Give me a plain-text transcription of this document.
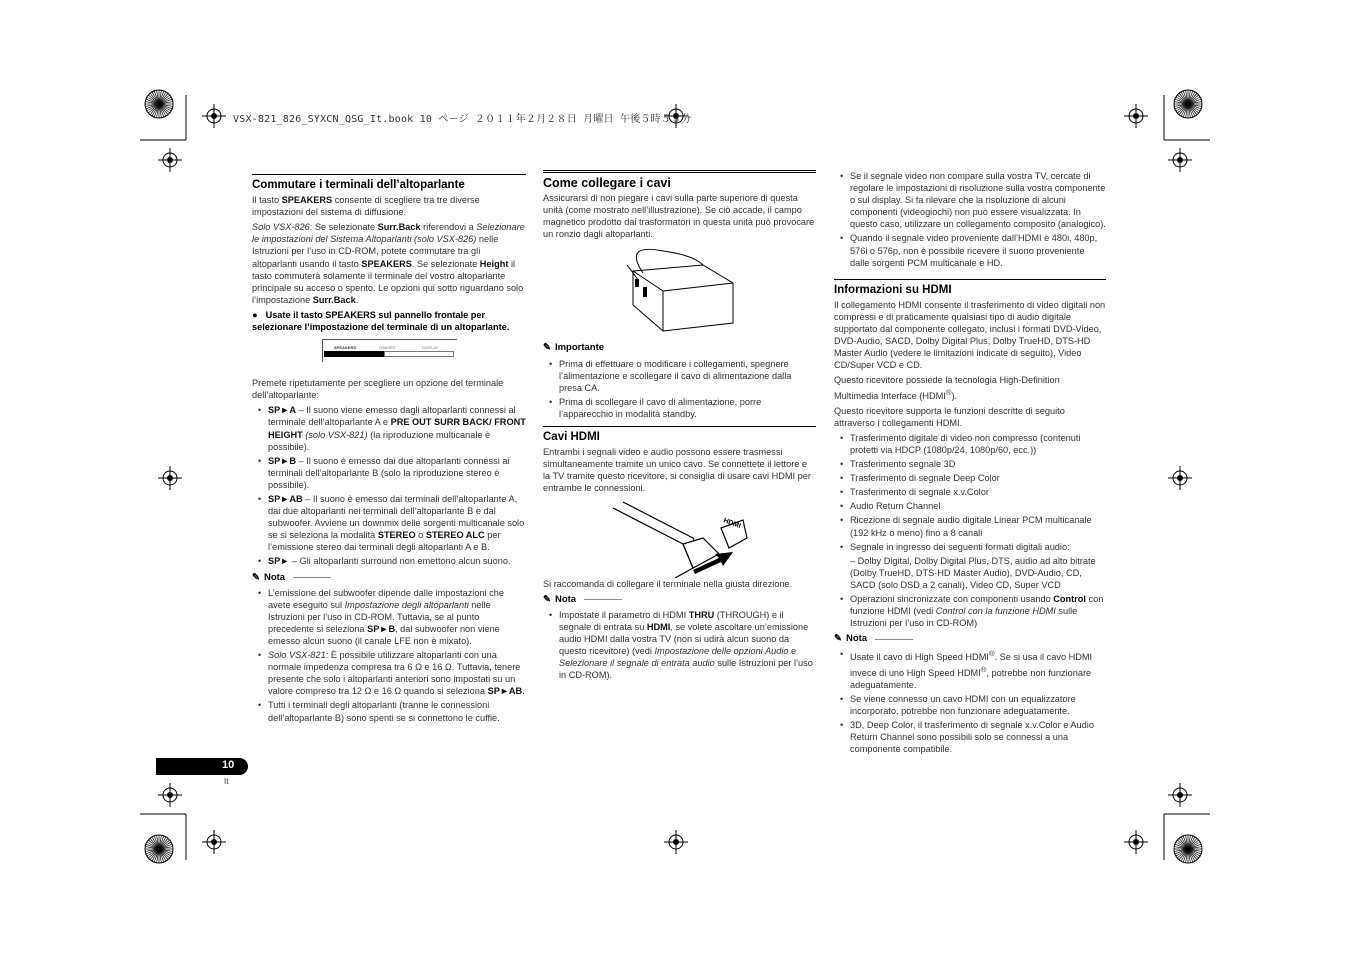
VSX-821_826_SYXCN_QSG_It.book 10 ページ ２０１１年２月２８日 月曜日 午後５時５３分
Commutare i terminali dell’altoparlante

Il tasto SPEAKERS consente di scegliere tra tre diverse impostazioni del sistema di diffusione.

Solo VSX-826: Se selezionate Surr.Back riferendovi a Selezionare le impostazioni del Sistema Altoparlanti (solo VSX-826) nelle Istruzioni per l’uso in CD-ROM, potete commutare tra gli altoparlanti usando il tasto SPEAKERS. Se selezionate Height il tasto commuterà solamente il terminale del vostro altoparlante principale su acceso o spento. Le opzioni qui sotto riguardano solo l’impostazione Surr.Back.

● Usate il tasto SPEAKERS sul pannello frontale per selezionare l’impostazione del terminale di un altoparlante.
SPEAKERS	DIMMER	DISPLAY

Premete ripetutamente per scegliere un opzione del terminale dell’altoparlante:

• SP►A – Il suono viene emesso dagli altoparlanti connessi al terminale dell’altoparlante A e PRE OUT SURR BACK/ FRONT HEIGHT (solo VSX-821) (la riproduzione multicanale è possibile).
• SP►B – Il suono è emesso dai due altoparlanti connessi ai terminali dell’altoparlante B (solo la riproduzione stereo è possibile).
• SP►AB – Il suono è emesso dai terminali dell’altoparlante A, dai due altoparlanti nei terminali dell’altoparlante B e dal subwoofer. Avviene un downmix delle sorgenti multicanale solo se si seleziona la modalità STEREO o STEREO ALC per l’emissione stereo dai terminali degli altoparlanti A e B.
• SP► – Gli altoparlanti surround non emettono alcun suono.
✎ Nota
• L’emissione del subwoofer dipende dalle impostazioni che avete eseguito sul Impostazione degli altoparlanti nelle Istruzioni per l’uso in CD-ROM. Tuttavia, se al punto precedente si seleziona SP►B, dal subwoofer non viene emesso alcun suono (il canale LFE non è mixato).
• Solo VSX-821: È possibile utilizzare altoparlanti con una normale impedenza compresa tra 6 Ω e 16 Ω. Tuttavia, tenere presente che solo i altoparlanti anteriori sono impostati su un valore compreso tra 12 Ω e 16 Ω quando si seleziona SP►AB.
• Tutti i terminali degli altoparlanti (tranne le connessioni dell’altoparlante B) sono spenti se si connettono le cuffie.
Come collegare i cavi

Assicurarsi di non piegare i cavi sulla parte superiore di questa unità (come mostrato nell’illustrazione). Se ciò accade, il campo magnetico prodotto dai trasformatori in questa unità può provocare un ronzio dagli altoparlanti.

✎ Importante
• Prima di effettuare o modificare i collegamenti, spegnere l’alimentazione e scollegare il cavo di alimentazione dalla presa CA.
• Prima di scollegare il cavo di alimentazione, porre l’apparecchio in modalità standby.
Cavi HDMI

Entrambi i segnali video e audio possono essere trasmessi simultaneamente tramite un unico cavo. Se connettete il lettore e la TV tramite questo ricevitore, si consiglia di usare cavi HDMI per entrambe le connessioni.

HDMI

Si raccomanda di collegare il terminale nella giusta direzione.

✎ Nota
• Impostate il parametro di HDMI THRU (THROUGH) e il segnale di entrata su HDMI, se volete ascoltare un’emissione audio HDMI dalla vostra TV (non si udirà alcun suono da questo ricevitore) (vedi Impostazione delle opzioni Audio e Selezionare il segnale di entrata audio sulle Istruzioni per l’uso in CD-ROM).
• Se il segnale video non compare sulla vostra TV, cercate di regolare le impostazioni di risoluzione sulla vostra componente o sul display. Si fa rilevare che la risoluzione di alcuni componenti (videogiochi) non può essere visualizzata. In questo caso, utilizzare un collegamento composito (analogico).
• Quando il segnale video proveniente dall’HDMI è 480i, 480p, 576i o 576p, non è possibile ricevere il suono proveniente dalle sorgenti PCM multicanale e HD.
Informazioni su HDMI

Il collegamento HDMI consente il trasferimento di video digitali non compressi e di praticamente qualsiasi tipo di audio digitale supportato dal componente collegato, inclusi i formati DVD-Video, DVD-Audio, SACD, Dolby Digital Plus, Dolby TrueHD, DTS-HD Master Audio (vedere le limitazioni indicate di seguito), Video CD/Super VCD e CD.

Questo ricevitore possiede la tecnologia High-Definition Multimedia Interface (HDMI®).

Questo ricevitore supporta le funzioni descritte di seguito attraverso i collegamenti HDMI.

• Trasferimento digitale di video non compresso (contenuti protetti via HDCP (1080p/24, 1080p/60, ecc.))
• Trasferimento segnale 3D
• Trasferimento di segnale Deep Color
• Trasferimento di segnale x.v.Color
• Audio Return Channel
• Ricezione di segnale audio digitale Linear PCM multicanale (192 kHz o meno) fino a 8 canali
• Segnale in ingresso dei seguenti formati digitali audio:
– Dolby Digital, Dolby Digital Plus, DTS, audio ad alto bitrate (Dolby TrueHD, DTS-HD Master Audio), DVD-Audio, CD, SACD (solo DSD a 2 canali), Video CD, Super VCD
• Operazioni sincronizzate con componenti usando Control con funzione HDMI (vedi Control con la funzione HDMI sulle Istruzioni per l’uso in CD-ROM)
✎ Nota
• Usate il cavo di High Speed HDMI®. Se si usa il cavo HDMI invece di uno High Speed HDMI®, potrebbe non funzionare adeguatamente.
• Se viene connesso un cavo HDMI con un equalizzatore incorporato, potrebbe non funzionare adeguatamente.
• 3D, Deep Color, il trasferimento di segnale x.v.Color e Audio Return Channel sono possibili solo se connessi a una componente compatibile.
10
It
